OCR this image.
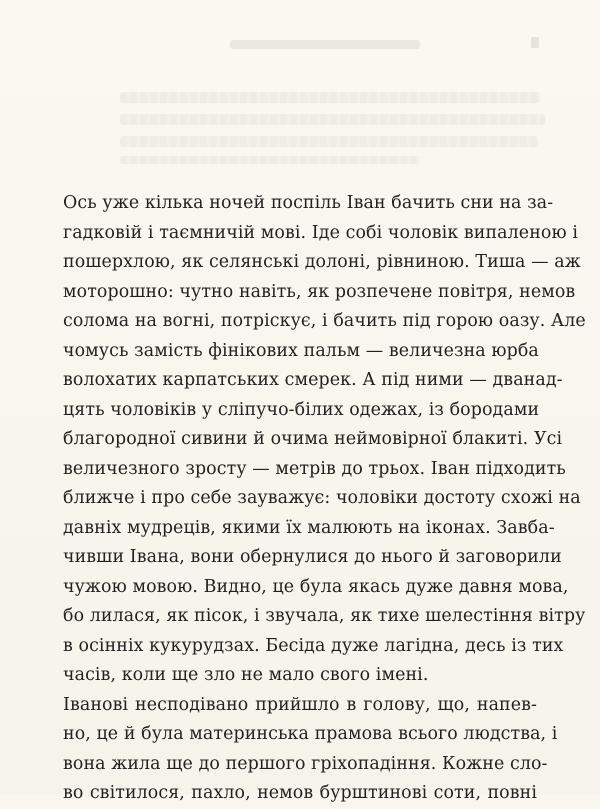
Ось уже кілька ночей поспіль Іван бачить сни на за-
гадковій і таємничій мові. Іде собі чоловік випаленою і
пошерхлою, як селянські долоні, рівниною. Тиша — аж
моторошно: чутно навіть, як розпечене повітря, немов
солома на вогні, потріскує, і бачить під горою оазу. Але
чомусь замість фінікових пальм — величезна юрба
волохатих карпатських смерек. А під ними — дванад-
цять чоловіків у сліпучо-білих одежах, із бородами
благородної сивини й очима неймовірної блакиті. Усі
величезного зросту — метрів до трьох. Іван підходить
ближче і про себе зауважує: чоловіки достоту схожі на
давніх мудреців, якими їх малюють на іконах. Завба-
чивши Івана, вони обернулися до нього й заговорили
чужою мовою. Видно, це була якась дуже давня мова,
бо лилася, як пісок, і звучала, як тихе шелестіння вітру
в осінніх кукурудзах. Бесіда дуже лагідна, десь із тих
часів, коли ще зло не мало свого імені.

Іванові несподівано прийшло в голову, що, напев-
но, це й була материнська прамова всього людства, і
вона жила ще до першого гріхопадіння. Кожне сло-
во світилося, пахло, немов бурштинові соти, повні
